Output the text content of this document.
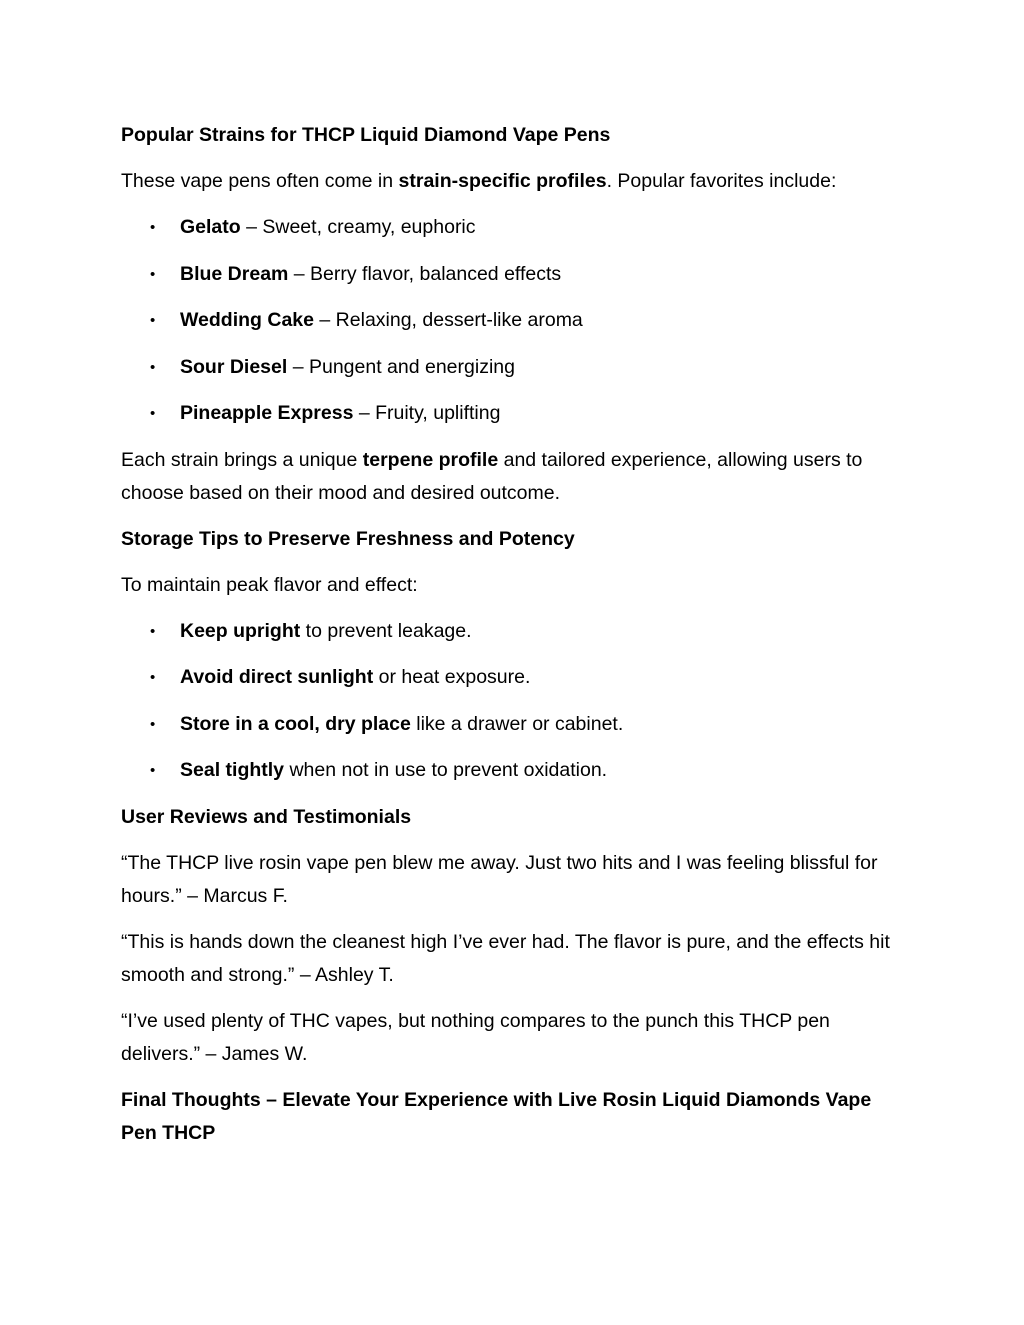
Popular Strains for THCP Liquid Diamond Vape Pens
These vape pens often come in strain-specific profiles. Popular favorites include:
• Gelato – Sweet, creamy, euphoric
• Blue Dream – Berry flavor, balanced effects
• Wedding Cake – Relaxing, dessert-like aroma
• Sour Diesel – Pungent and energizing
• Pineapple Express – Fruity, uplifting
Each strain brings a unique terpene profile and tailored experience, allowing users to choose based on their mood and desired outcome.
Storage Tips to Preserve Freshness and Potency
To maintain peak flavor and effect:
• Keep upright to prevent leakage.
• Avoid direct sunlight or heat exposure.
• Store in a cool, dry place like a drawer or cabinet.
• Seal tightly when not in use to prevent oxidation.
User Reviews and Testimonials
“The THCP live rosin vape pen blew me away. Just two hits and I was feeling blissful for hours.” – Marcus F.
“This is hands down the cleanest high I’ve ever had. The flavor is pure, and the effects hit smooth and strong.” – Ashley T.
“I’ve used plenty of THC vapes, but nothing compares to the punch this THCP pen delivers.” – James W.
Final Thoughts – Elevate Your Experience with Live Rosin Liquid Diamonds Vape Pen THCP
